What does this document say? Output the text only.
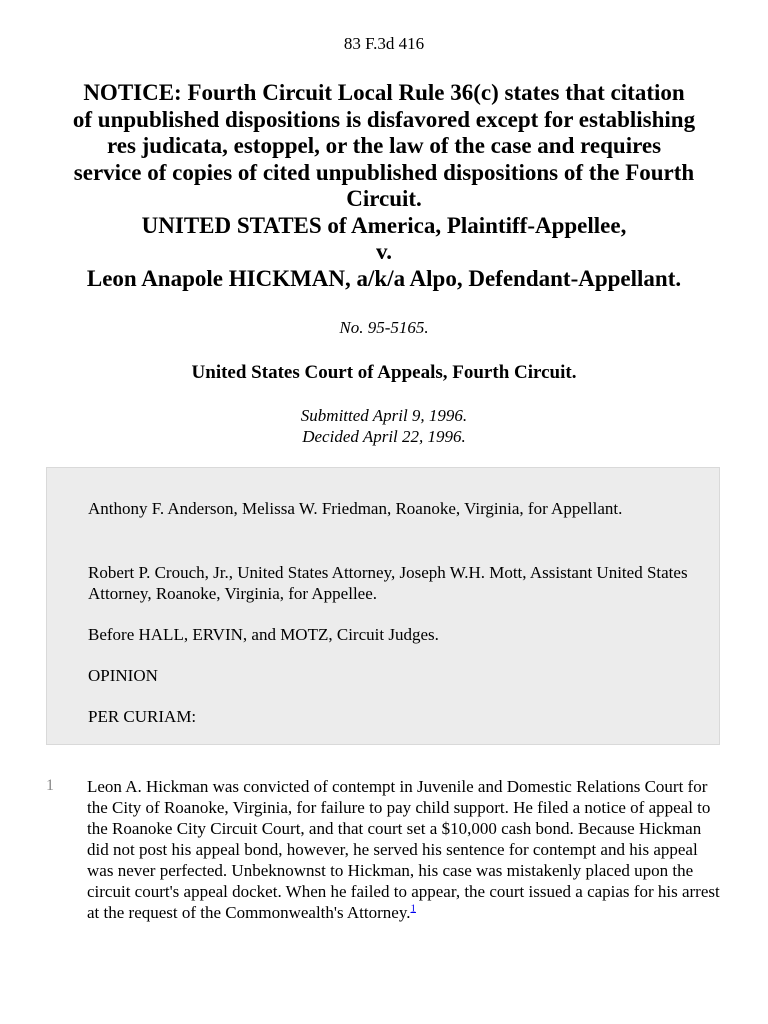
83 F.3d 416
NOTICE: Fourth Circuit Local Rule 36(c) states that citation
of unpublished dispositions is disfavored except for establishing
res judicata, estoppel, or the law of the case and requires
service of copies of cited unpublished dispositions of the Fourth
Circuit.
UNITED STATES of America, Plaintiff-Appellee,
v.
Leon Anapole HICKMAN, a/k/a Alpo, Defendant-Appellant.
No. 95-5165.
United States Court of Appeals, Fourth Circuit.
Submitted April 9, 1996.
Decided April 22, 1996.

Anthony F. Anderson, Melissa W. Friedman, Roanoke, Virginia, for Appellant.

Robert P. Crouch, Jr., United States Attorney, Joseph W.H. Mott, Assistant United States Attorney, Roanoke, Virginia, for Appellee.

Before HALL, ERVIN, and MOTZ, Circuit Judges.

OPINION

PER CURIAM:

1 Leon A. Hickman was convicted of contempt in Juvenile and Domestic Relations Court for the City of Roanoke, Virginia, for failure to pay child support. He filed a notice of appeal to the Roanoke City Circuit Court, and that court set a $10,000 cash bond. Because Hickman did not post his appeal bond, however, he served his sentence for contempt and his appeal was never perfected. Unbeknownst to Hickman, his case was mistakenly placed upon the circuit court's appeal docket. When he failed to appear, the court issued a capias for his arrest at the request of the Commonwealth's Attorney.$^1$
